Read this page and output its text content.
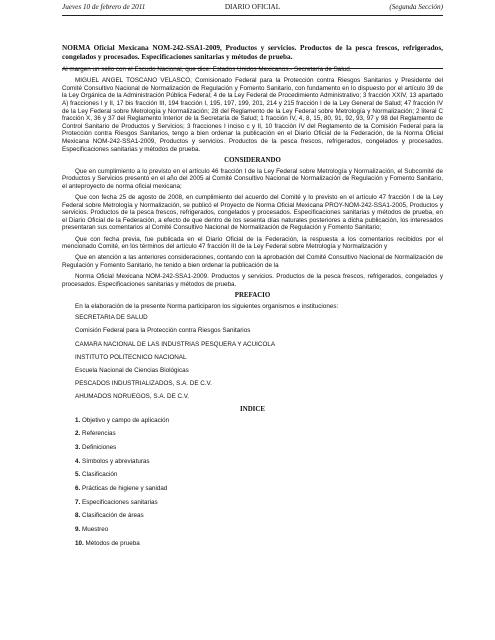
Jueves 10 de febrero de 2011	DIARIO OFICIAL	(Segunda Sección)
NORMA Oficial Mexicana NOM-242-SSA1-2009, Productos y servicios. Productos de la pesca frescos, refrigerados, congelados y procesados. Especificaciones sanitarias y métodos de prueba.

Al margen un sello con el Escudo Nacional, que dice: Estados Unidos Mexicanos.- Secretaría de Salud.

MIGUEL ANGEL TOSCANO VELASCO, Comisionado Federal para la Protección contra Riesgos Sanitarios y Presidente del Comité Consultivo Nacional de Normalización de Regulación y Fomento Sanitario, con fundamento en lo dispuesto por el artículo 39 de la Ley Orgánica de la Administración Pública Federal; 4 de la Ley Federal de Procedimiento Administrativo; 3 fracción XXIV, 13 apartado A) fracciones I y II, 17 bis fracción III, 194 fracción I, 195, 197, 199, 201, 214 y 215 fracción I de la Ley General de Salud; 47 fracción IV de la Ley Federal sobre Metrología y Normalización; 28 del Reglamento de la Ley Federal sobre Metrología y Normalización; 2 literal C fracción X, 36 y 37 del Reglamento Interior de la Secretaría de Salud; 1 fracción IV, 4, 8, 15, 80, 91, 92, 93, 97 y 98 del Reglamento de Control Sanitario de Productos y Servicios; 3 fracciones I inciso c y II, 10 fracción IV del Reglamento de la Comisión Federal para la Protección contra Riesgos Sanitarios, tengo a bien ordenar la publicación en el Diario Oficial de la Federación, de la Norma Oficial Mexicana NOM-242-SSA1-2009, Productos y servicios. Productos de la pesca frescos, refrigerados, congelados y procesados. Especificaciones sanitarias y métodos de prueba.

CONSIDERANDO

Que en cumplimiento a lo previsto en el artículo 46 fracción I de la Ley Federal sobre Metrología y Normalización, el Subcomité de Productos y Servicios presentó en el año del 2005 al Comité Consultivo Nacional de Normalización de Regulación y Fomento Sanitario, el anteproyecto de norma oficial mexicana;

Que con fecha 25 de agosto de 2008, en cumplimiento del acuerdo del Comité y lo previsto en el artículo 47 fracción I de la Ley Federal sobre Metrología y Normalización, se publicó el Proyecto de Norma Oficial Mexicana PROY-NOM-242-SSA1-2005, Productos y servicios. Productos de la pesca frescos, refrigerados, congelados y procesados. Especificaciones sanitarias y métodos de prueba, en el Diario Oficial de la Federación, a efecto de que dentro de los sesenta días naturales posteriores a dicha publicación, los interesados presentaran sus comentarios al Comité Consultivo Nacional de Normalización de Regulación y Fomento Sanitario;

Que con fecha previa, fue publicada en el Diario Oficial de la Federación, la respuesta a los comentarios recibidos por el mencionado Comité, en los términos del artículo 47 fracción III de la Ley Federal sobre Metrología y Normalización y

Que en atención a las anteriores consideraciones, contando con la aprobación del Comité Consultivo Nacional de Normalización de Regulación y Fomento Sanitario, he tenido a bien ordenar la publicación de la

Norma Oficial Mexicana NOM-242-SSA1-2009. Productos y servicios. Productos de la pesca frescos, refrigerados, congelados y procesados. Especificaciones sanitarias y métodos de prueba.

PREFACIO

En la elaboración de la presente Norma participaron los siguientes organismos e instituciones:

SECRETARIA DE SALUD
Comisión Federal para la Protección contra Riesgos Sanitarios
CAMARA NACIONAL DE LAS INDUSTRIAS PESQUERA Y ACUICOLA
INSTITUTO POLITECNICO NACIONAL
Escuela Nacional de Ciencias Biológicas
PESCADOS INDUSTRIALIZADOS, S.A. DE C.V.
AHUMADOS NORUEGOS, S.A. DE C.V.
INDICE
1. Objetivo y campo de aplicación
2. Referencias
3. Definiciones
4. Símbolos y abreviaturas
5. Clasificación
6. Prácticas de higiene y sanidad
7. Especificaciones sanitarias
8. Clasificación de áreas
9. Muestreo
10. Métodos de prueba
